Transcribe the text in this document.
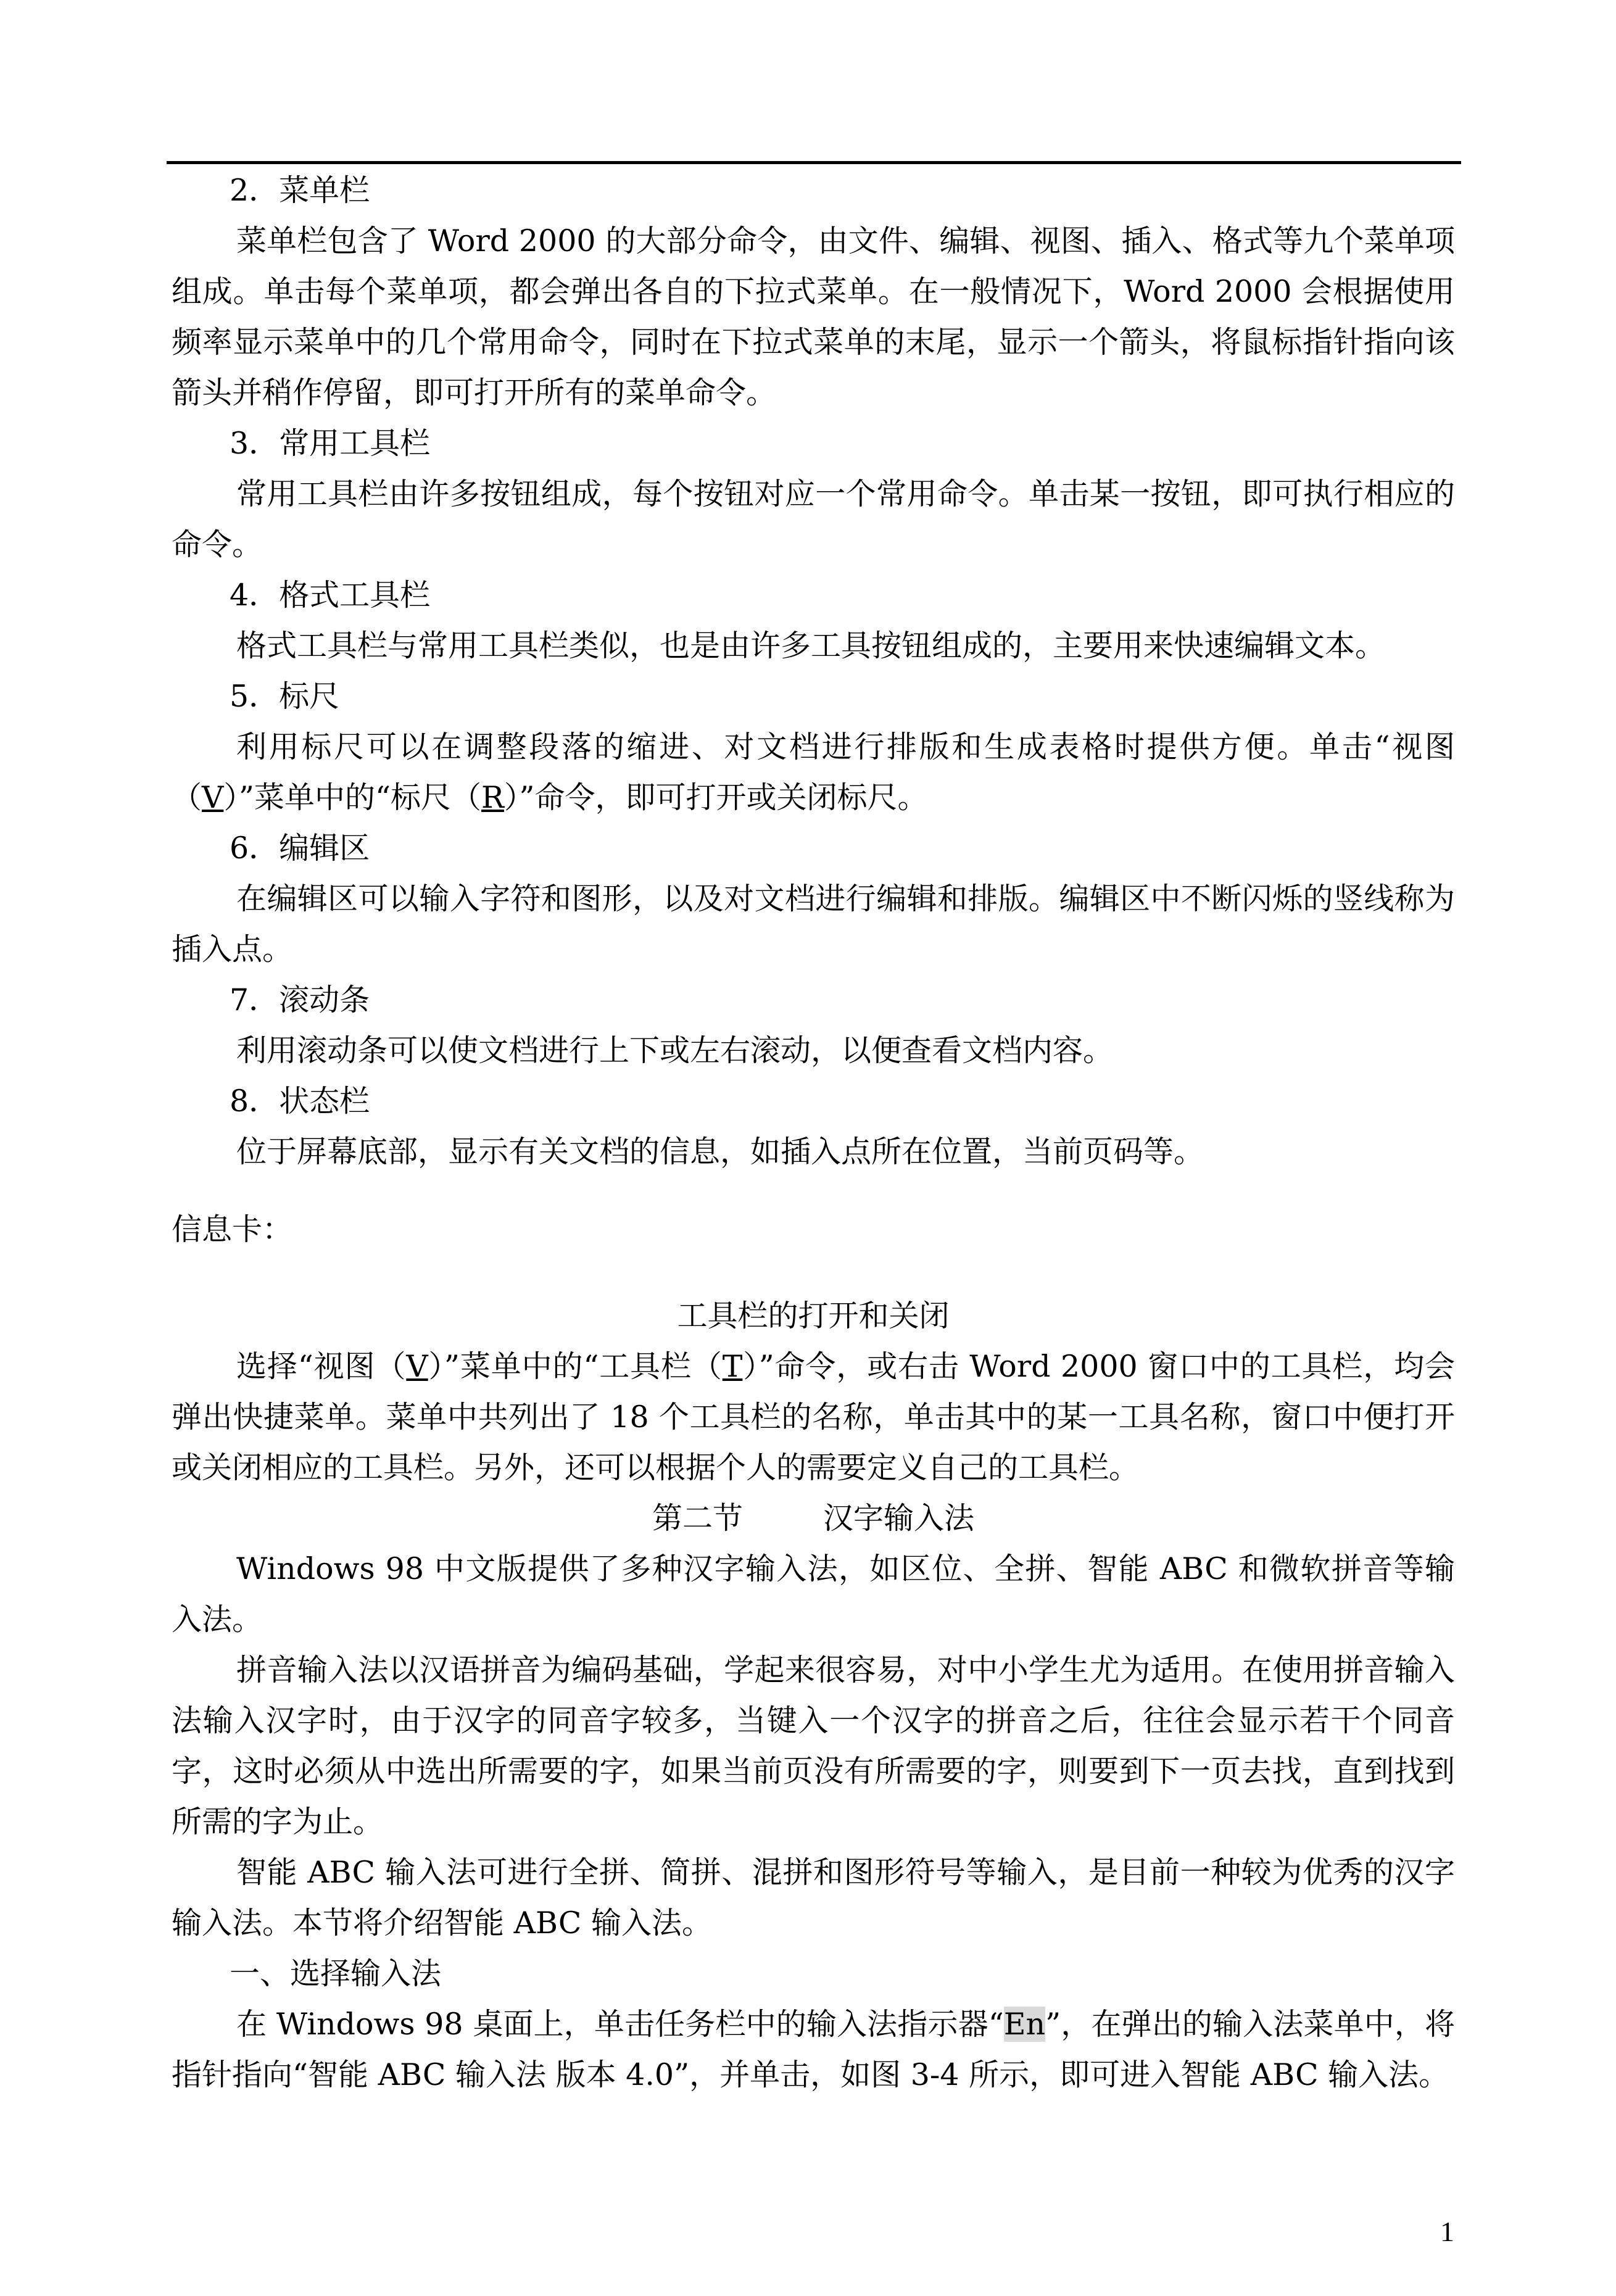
2．菜单栏

菜单栏包含了 Word 2000 的大部分命令，由文件、编辑、视图、插入、格式等九个菜单项组成。单击每个菜单项，都会弹出各自的下拉式菜单。在一般情况下，Word 2000 会根据使用频率显示菜单中的几个常用命令，同时在下拉式菜单的末尾，显示一个箭头，将鼠标指针指向该箭头并稍作停留，即可打开所有的菜单命令。

3．常用工具栏

常用工具栏由许多按钮组成，每个按钮对应一个常用命令。单击某一按钮，即可执行相应的命令。

4．格式工具栏

格式工具栏与常用工具栏类似，也是由许多工具按钮组成的，主要用来快速编辑文本。

5．标尺

利用标尺可以在调整段落的缩进、对文档进行排版和生成表格时提供方便。单击“视图（V）”菜单中的“标尺（R）”命令，即可打开或关闭标尺。

6．编辑区

在编辑区可以输入字符和图形，以及对文档进行编辑和排版。编辑区中不断闪烁的竖线称为插入点。

7．滚动条

利用滚动条可以使文档进行上下或左右滚动，以便查看文档内容。

8．状态栏

位于屏幕底部，显示有关文档的信息，如插入点所在位置，当前页码等。

信息卡：

工具栏的打开和关闭

选择“视图（V）”菜单中的“工具栏（T）”命令，或右击 Word 2000 窗口中的工具栏，均会弹出快捷菜单。菜单中共列出了 18 个工具栏的名称，单击其中的某一工具名称，窗口中便打开或关闭相应的工具栏。另外，还可以根据个人的需要定义自己的工具栏。

第二节	汉字输入法

Windows 98 中文版提供了多种汉字输入法，如区位、全拼、智能 ABC 和微软拼音等输入法。

拼音输入法以汉语拼音为编码基础，学起来很容易，对中小学生尤为适用。在使用拼音输入法输入汉字时，由于汉字的同音字较多，当键入一个汉字的拼音之后，往往会显示若干个同音字，这时必须从中选出所需要的字，如果当前页没有所需要的字，则要到下一页去找，直到找到所需的字为止。

智能 ABC 输入法可进行全拼、简拼、混拼和图形符号等输入，是目前一种较为优秀的汉字输入法。本节将介绍智能 ABC 输入法。

一、选择输入法

在 Windows 98 桌面上，单击任务栏中的输入法指示器“En”，在弹出的输入法菜单中，将指针指向“智能 ABC 输入法 版本 4.0”，并单击，如图 3-4 所示，即可进入智能 ABC 输入法。

1
